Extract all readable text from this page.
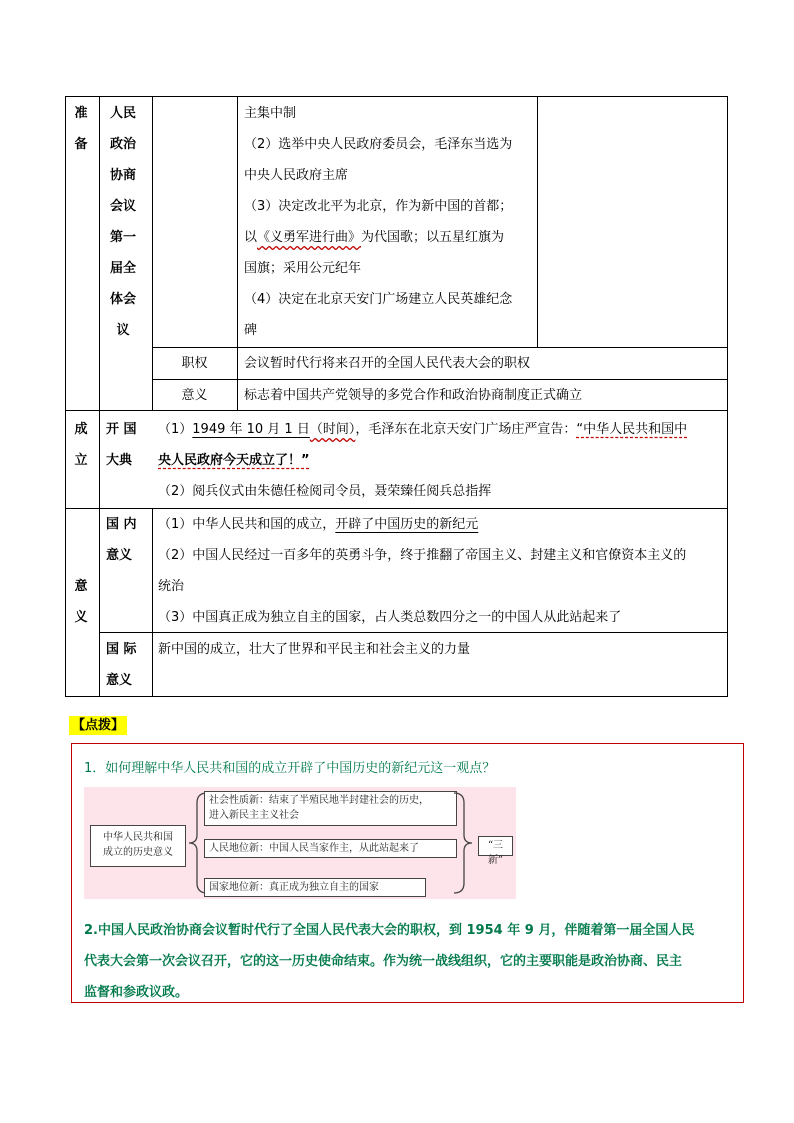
准
备
人民
政治
协商
会议
第一
届全
体会
议
主集中制
（2）选举中央人民政府委员会，毛泽东当选为
中央人民政府主席
（3）决定改北平为北京，作为新中国的首都；
以《义勇军进行曲》为代国歌；以五星红旗为
国旗；采用公元纪年
（4）决定在北京天安门广场建立人民英雄纪念
碑
职权	会议暂时代行将来召开的全国人民代表大会的职权
意义	标志着中国共产党领导的多党合作和政治协商制度正式确立
成
立
开 国
大典
（1）1949 年 10 月 1 日（时间），毛泽东在北京天安门广场庄严宣告：“中华人民共和国中
央人民政府今天成立了！”
（2）阅兵仪式由朱德任检阅司令员，聂荣臻任阅兵总指挥
意
义
国 内
意义
（1）中华人民共和国的成立，开辟了中国历史的新纪元
（2）中国人民经过一百多年的英勇斗争，终于推翻了帝国主义、封建主义和官僚资本主义的
统治
（3）中国真正成为独立自主的国家，占人类总数四分之一的中国人从此站起来了
国 际
意义
新中国的成立，壮大了世界和平民主和社会主义的力量
【点拨】
1．如何理解中华人民共和国的成立开辟了中国历史的新纪元这一观点？
中华人民共和国
成立的历史意义
社会性质新：结束了半殖民地半封建社会的历史，
进入新民主主义社会
人民地位新：中国人民当家作主，从此站起来了
国家地位新：真正成为独立自主的国家
“三新”
2.中国人民政治协商会议暂时代行了全国人民代表大会的职权，到 1954 年 9 月，伴随着第一届全国人民
代表大会第一次会议召开，它的这一历史使命结束。作为统一战线组织，它的主要职能是政治协商、民主
监督和参政议政。
